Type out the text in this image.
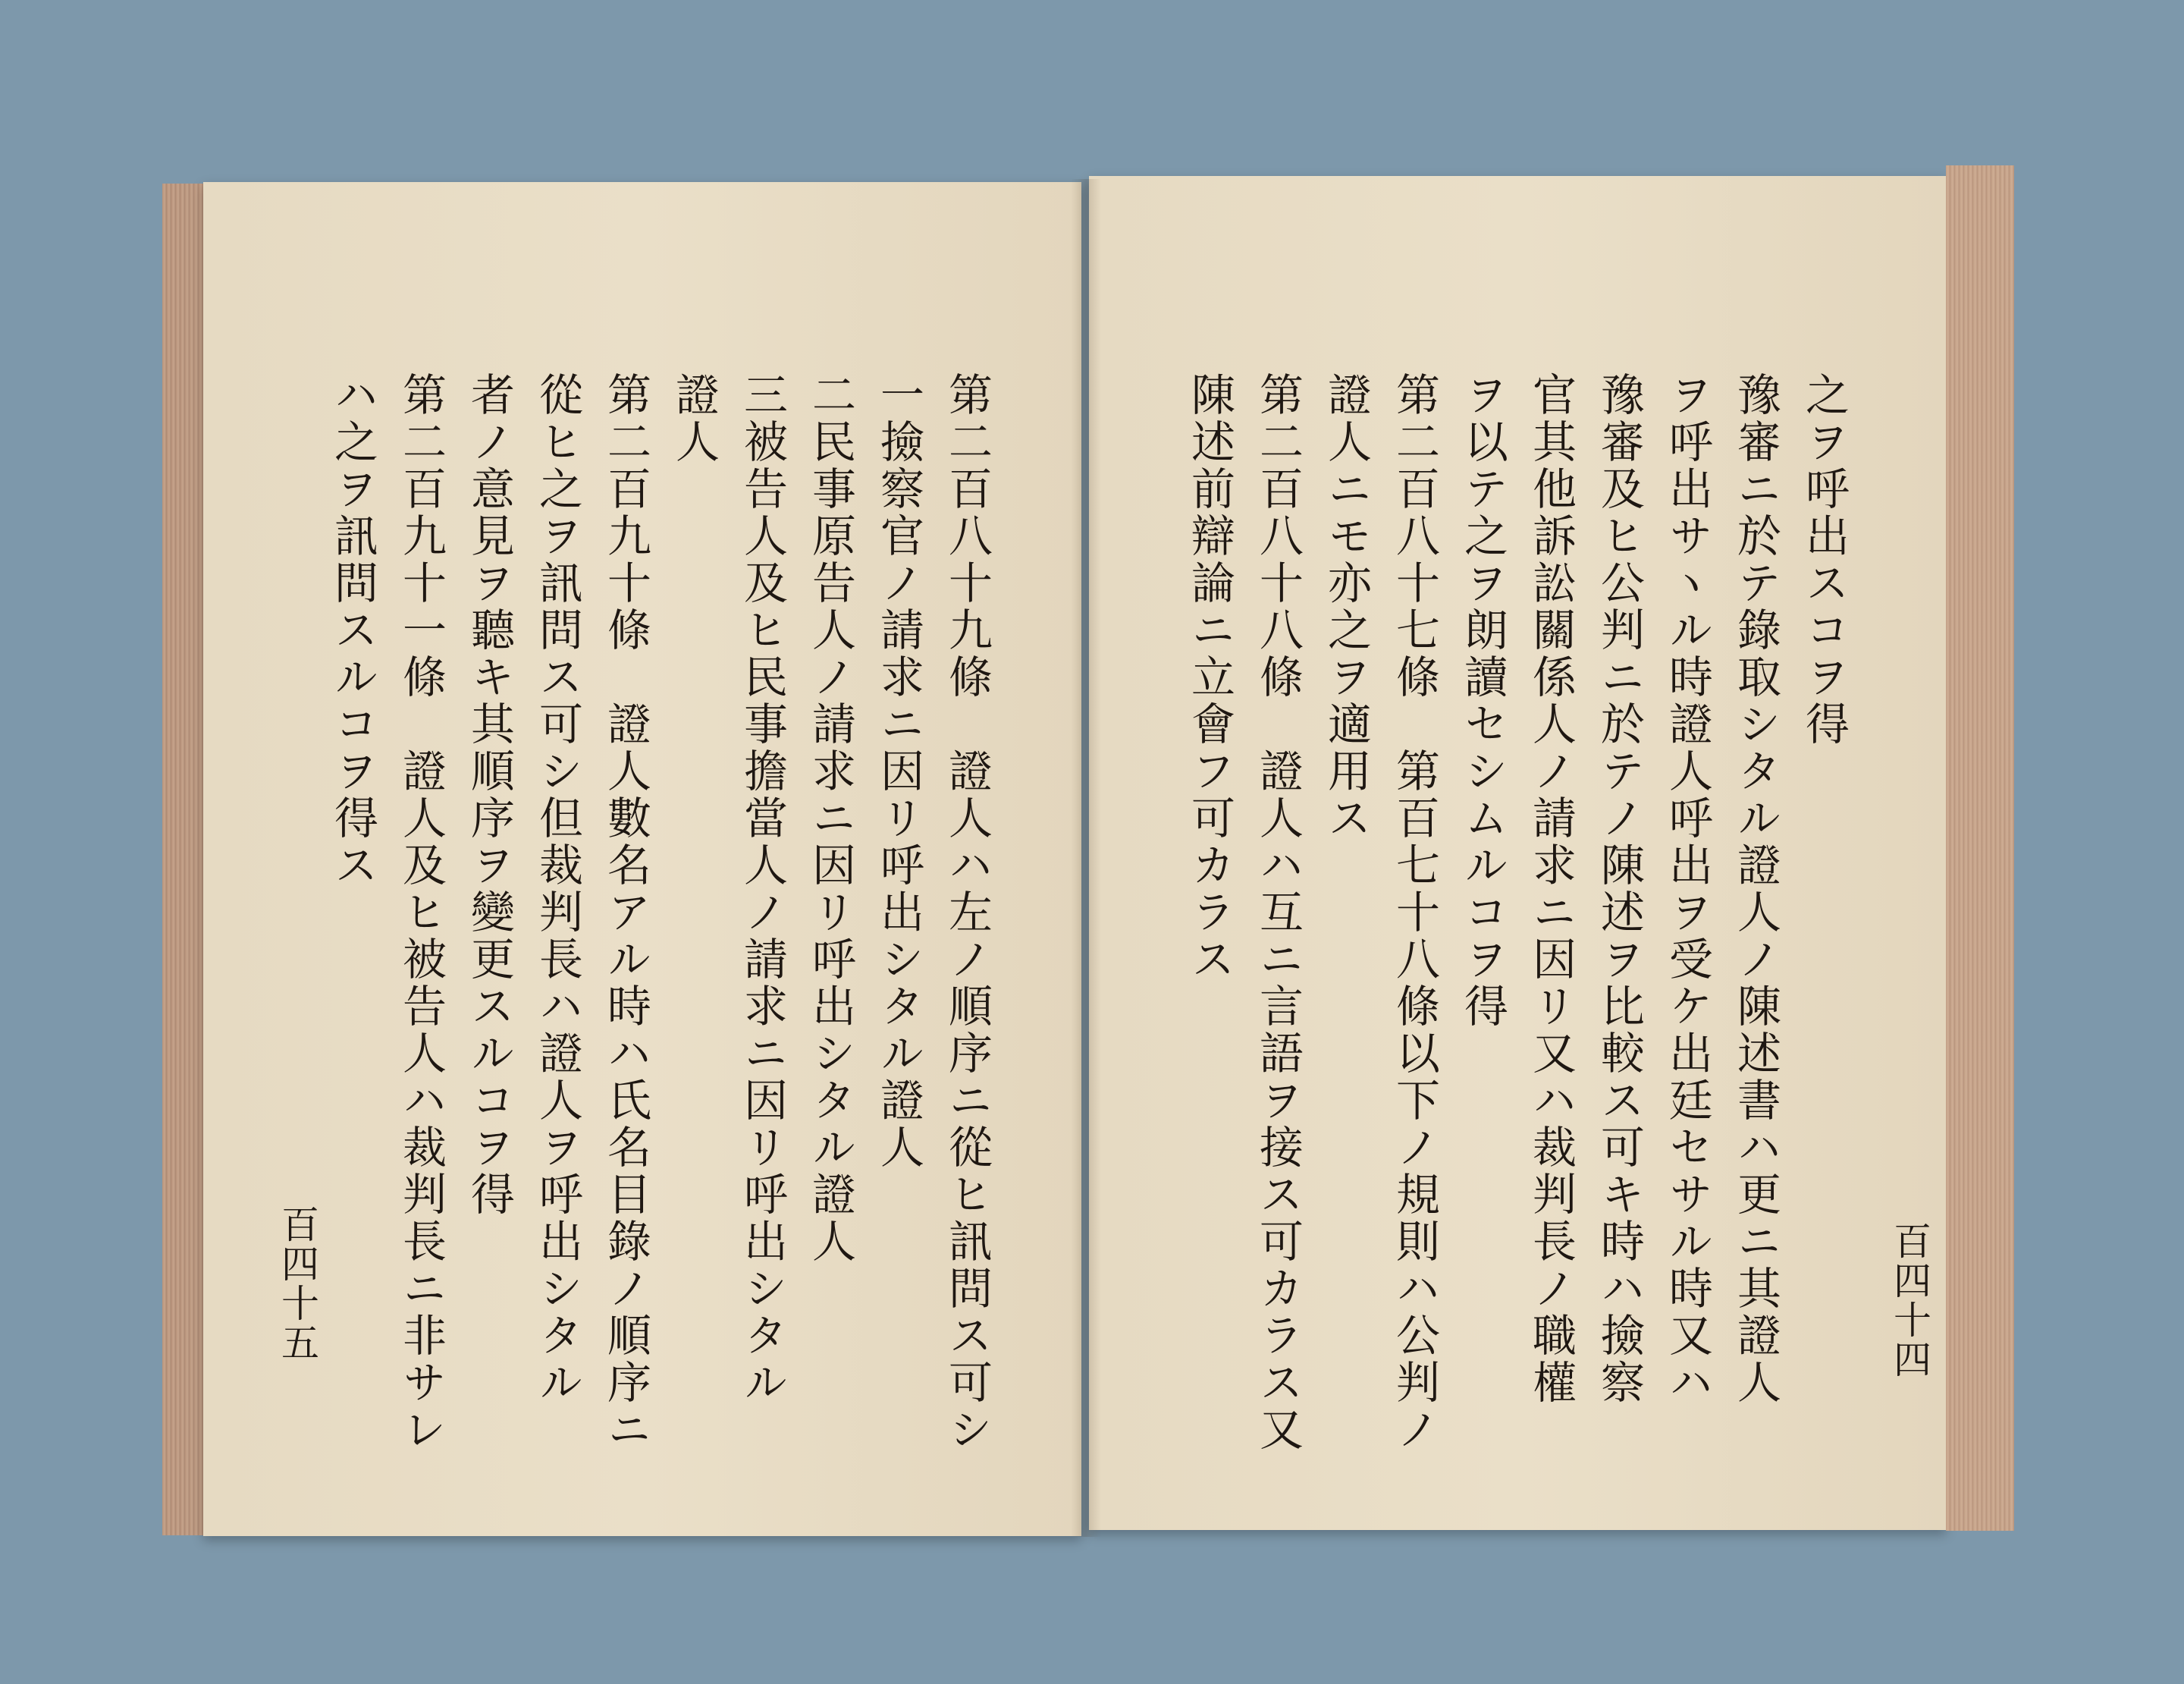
第二百八十九條　證人ハ左ノ順序ニ從ヒ訊問ス可シ
一撿察官ノ請求ニ因リ呼出シタル證人
二民事原告人ノ請求ニ因リ呼出シタル證人
三被告人及ヒ民事擔當人ノ請求ニ因リ呼出シタル
證人
第二百九十條　證人數名アル時ハ氏名目錄ノ順序ニ
從ヒ之ヲ訊問ス可シ但裁判長ハ證人ヲ呼出シタル
者ノ意見ヲ聽キ其順序ヲ變更スルコヲ得
第二百九十一條　證人及ヒ被告人ハ裁判長ニ非サレ
ハ之ヲ訊問スルコヲ得ス
百四十五
之ヲ呼出スコヲ得
豫審ニ於テ錄取シタル證人ノ陳述書ハ更ニ其證人
ヲ呼出サヽル時證人呼出ヲ受ケ出廷セサル時又ハ
豫審及ヒ公判ニ於テノ陳述ヲ比較ス可キ時ハ撿察
官其他訴訟關係人ノ請求ニ因リ又ハ裁判長ノ職權
ヲ以テ之ヲ朗讀セシムルコヲ得
第二百八十七條　第百七十八條以下ノ規則ハ公判ノ
證人ニモ亦之ヲ適用ス
第二百八十八條　證人ハ互ニ言語ヲ接ス可カラス又
陳述前辯論ニ立會フ可カラス
百四十四
